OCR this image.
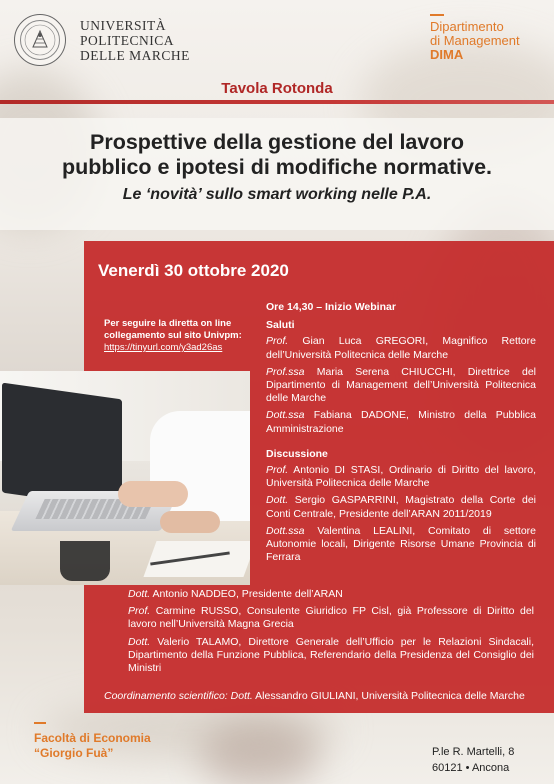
UNIVERSITÀ
POLITECNICA
DELLE MARCHE
Dipartimento
di Management
DIMA
Tavola Rotonda
Prospettive della gestione del lavoro
pubblico e ipotesi di modifiche normative.
Le ‘novità’ sullo smart working nelle P.A.
Venerdì 30 ottobre 2020
Per seguire la diretta on line
collegamento sul sito Univpm:
https://tinyurl.com/y3ad26as
Ore 14,30 – Inizio Webinar
Saluti
Prof. Gian Luca GREGORI, Magnifico Rettore dell’Università Politecnica delle Marche
Prof.ssa Maria Serena CHIUCCHI, Direttrice del Dipartimento di Management dell’Università Politecnica delle Marche
Dott.ssa Fabiana DADONE, Ministro della Pubblica Amministrazione
Discussione
Prof. Antonio DI STASI, Ordinario di Diritto del lavoro, Università Politecnica delle Marche
Dott. Sergio GASPARRINI, Magistrato della Corte dei Conti Centrale, Presidente dell’ARAN 2011/2019
Dott.ssa Valentina LEALINI, Comitato di settore Autonomie locali, Dirigente Risorse Umane Provincia di Ferrara
Dott. Antonio NADDEO, Presidente dell’ARAN
Prof. Carmine RUSSO, Consulente Giuridico FP Cisl, già Professore di Diritto del lavoro nell’Università Magna Grecia
Dott. Valerio TALAMO, Direttore Generale dell’Ufficio per le Relazioni Sindacali, Dipartimento della Funzione Pubblica, Referendario della Presidenza del Consiglio dei Ministri
Coordinamento scientifico: Dott. Alessandro GIULIANI, Università Politecnica delle Marche
Facoltà di Economia
“Giorgio Fuà”	P.le R. Martelli, 8
60121 • Ancona
